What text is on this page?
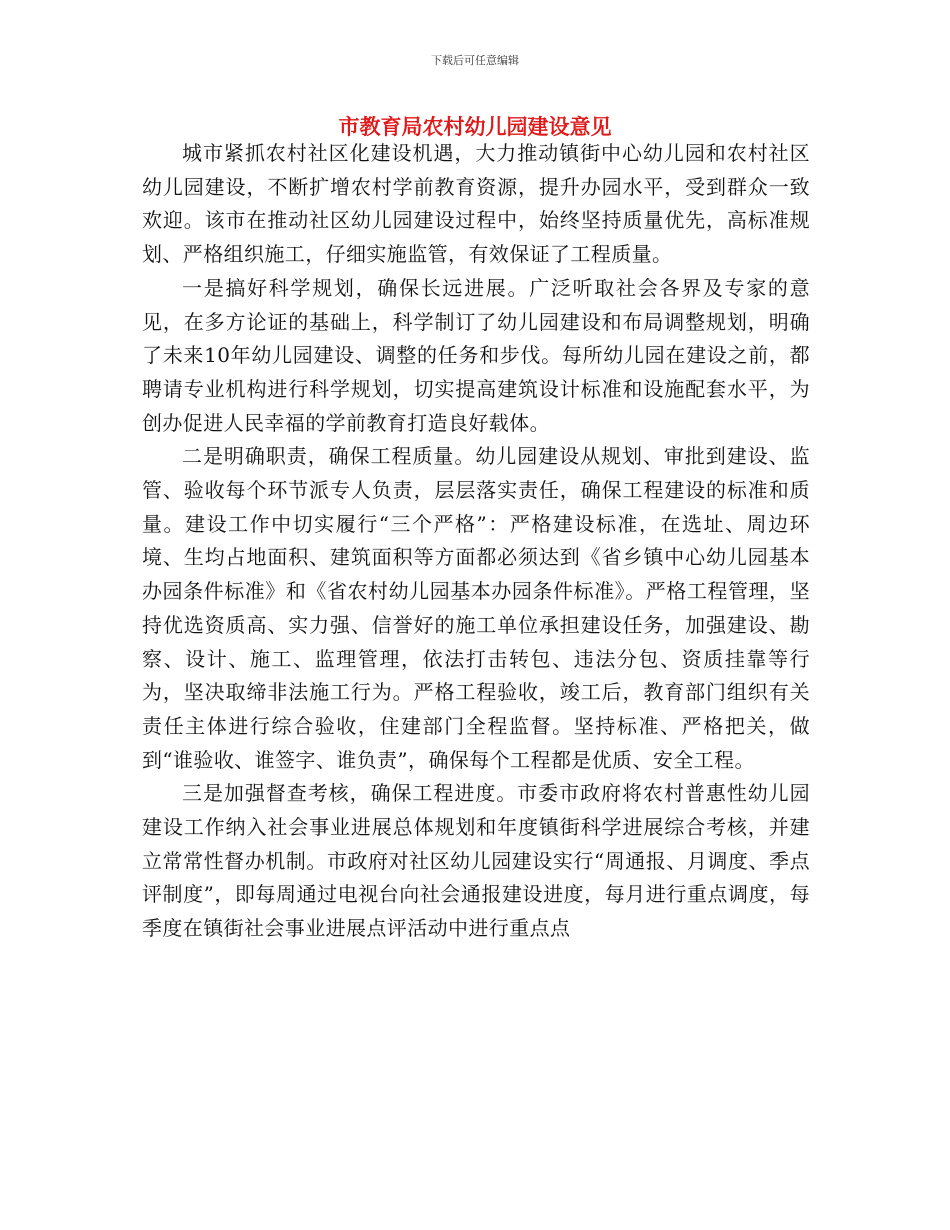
下载后可任意编辑
市教育局农村幼儿园建设意见

城市紧抓农村社区化建设机遇，大力推动镇街中心幼儿园和农村社区幼儿园建设，不断扩增农村学前教育资源，提升办园水平，受到群众一致欢迎。该市在推动社区幼儿园建设过程中，始终坚持质量优先，高标准规划、严格组织施工，仔细实施监管，有效保证了工程质量。

一是搞好科学规划，确保长远进展。广泛听取社会各界及专家的意见，在多方论证的基础上，科学制订了幼儿园建设和布局调整规划，明确了未来10年幼儿园建设、调整的任务和步伐。每所幼儿园在建设之前，都聘请专业机构进行科学规划，切实提高建筑设计标准和设施配套水平，为创办促进人民幸福的学前教育打造良好载体。

二是明确职责，确保工程质量。幼儿园建设从规划、审批到建设、监管、验收每个环节派专人负责，层层落实责任，确保工程建设的标准和质量。建设工作中切实履行“三个严格”：严格建设标准，在选址、周边环境、生均占地面积、建筑面积等方面都必须达到《省乡镇中心幼儿园基本办园条件标准》和《省农村幼儿园基本办园条件标准》。严格工程管理，坚持优选资质高、实力强、信誉好的施工单位承担建设任务，加强建设、勘察、设计、施工、监理管理，依法打击转包、违法分包、资质挂靠等行为，坚决取缔非法施工行为。严格工程验收，竣工后，教育部门组织有关责任主体进行综合验收，住建部门全程监督。坚持标准、严格把关，做到“谁验收、谁签字、谁负责”，确保每个工程都是优质、安全工程。

三是加强督查考核，确保工程进度。市委市政府将农村普惠性幼儿园建设工作纳入社会事业进展总体规划和年度镇街科学进展综合考核，并建立常常性督办机制。市政府对社区幼儿园建设实行“周通报、月调度、季点评制度”，即每周通过电视台向社会通报建设进度，每月进行重点调度，每季度在镇街社会事业进展点评活动中进行重点点
